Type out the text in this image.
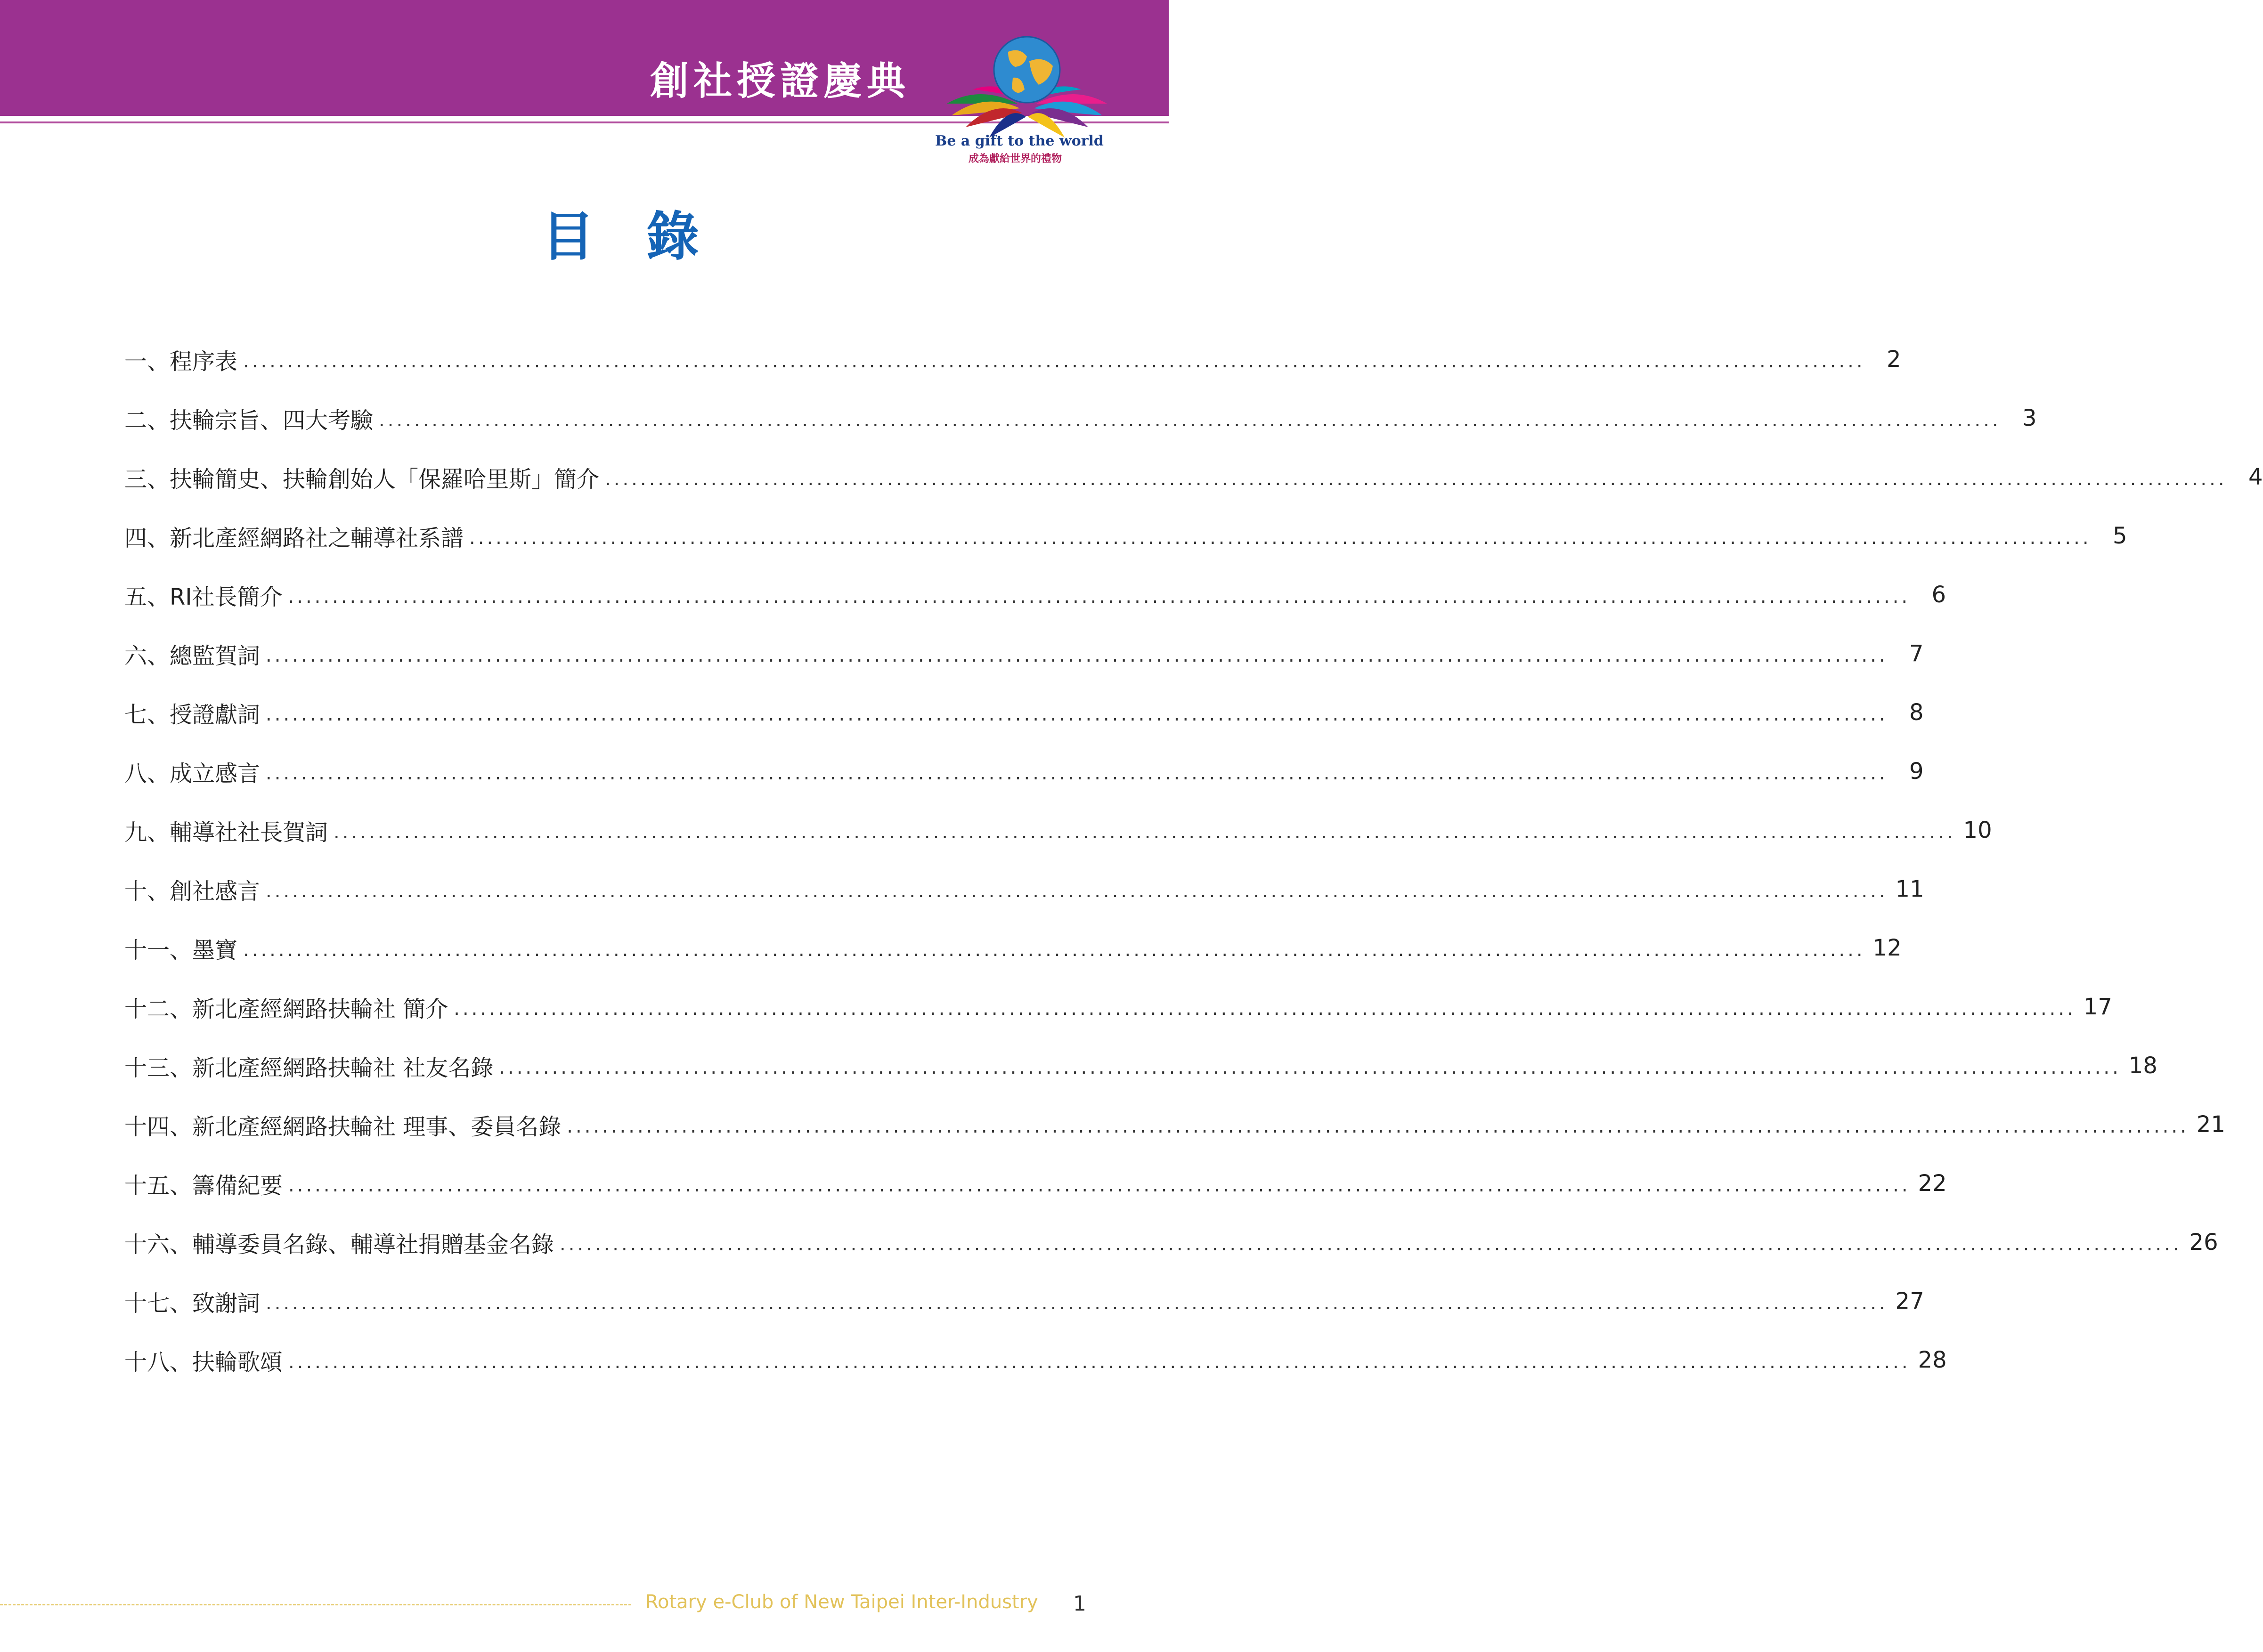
創社授證慶典
Be a gift to the world
成為獻給世界的禮物
目錄
一、程序表 ........................................................................................................................................................................................ 2
二、扶輪宗旨、四大考驗 ........................................................................................................................................................................................ 3
三、扶輪簡史、扶輪創始人「保羅哈里斯」簡介 ........................................................................................................................................................................................ 4
四、新北產經網路社之輔導社系譜 ........................................................................................................................................................................................ 5
五、RI社長簡介 ........................................................................................................................................................................................ 6
六、總監賀詞 ........................................................................................................................................................................................ 7
七、授證獻詞 ........................................................................................................................................................................................ 8
八、成立感言 ........................................................................................................................................................................................ 9
九、輔導社社長賀詞 ........................................................................................................................................................................................ 10
十、創社感言 ........................................................................................................................................................................................ 11
十一、墨寶 ........................................................................................................................................................................................ 12
十二、新北產經網路扶輪社 簡介 ........................................................................................................................................................................................ 17
十三、新北產經網路扶輪社 社友名錄 ........................................................................................................................................................................................ 18
十四、新北產經網路扶輪社 理事、委員名錄 ........................................................................................................................................................................................ 21
十五、籌備紀要 ........................................................................................................................................................................................ 22
十六、輔導委員名錄、輔導社捐贈基金名錄 ........................................................................................................................................................................................ 26
十七、致謝詞 ........................................................................................................................................................................................ 27
十八、扶輪歌頌 ........................................................................................................................................................................................ 28
Rotary e-Club of New Taipei Inter-Industry	1
